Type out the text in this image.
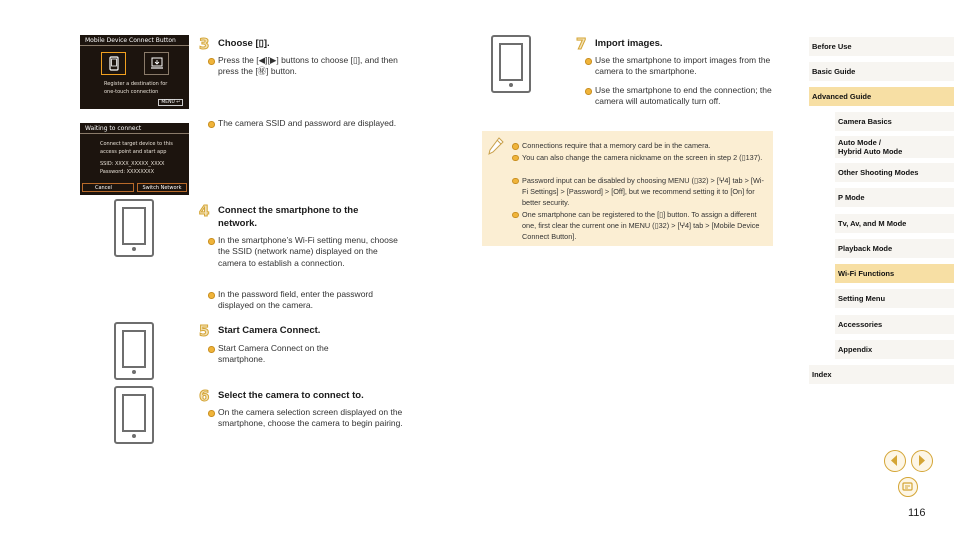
Mobile Device Connect Button
Register a destination for
one-touch connection
MENU ↩
Waiting to connect
Connect target device to this
access point and start app
SSID: XXXX_XXXXX_XXXX
Password: XXXXXXXX
Cancel	Switch Network
3 Choose [▯].
Press the [◀][▶] buttons to choose [▯], and then press the [㊙] button.
The camera SSID and password are displayed.
4 Connect the smartphone to the network.
In the smartphone’s Wi-Fi setting menu, choose the SSID (network name) displayed on the camera to establish a connection.
In the password field, enter the password displayed on the camera.
5 Start Camera Connect.
Start Camera Connect on the smartphone.
6 Select the camera to connect to.
On the camera selection screen displayed on the smartphone, choose the camera to begin pairing.
7 Import images.
Use the smartphone to import images from the camera to the smartphone.
Use the smartphone to end the connection; the camera will automatically turn off.
Connections require that a memory card be in the camera.
You can also change the camera nickname on the screen in step 2 (▯137).
Password input can be disabled by choosing MENU (▯32) > [ⵖ4] tab > [Wi-Fi Settings] > [Password] > [Off], but we recommend setting it to [On] for better security.
One smartphone can be registered to the [▯] button. To assign a different one, first clear the current one in MENU (▯32) > [ⵖ4] tab > [Mobile Device Connect Button].
Before Use
Basic Guide
Advanced Guide
Camera Basics
Auto Mode /
Hybrid Auto Mode
Other Shooting Modes
P Mode
Tv, Av, and M Mode
Playback Mode
Wi-Fi Functions
Setting Menu
Accessories
Appendix
Index
116
